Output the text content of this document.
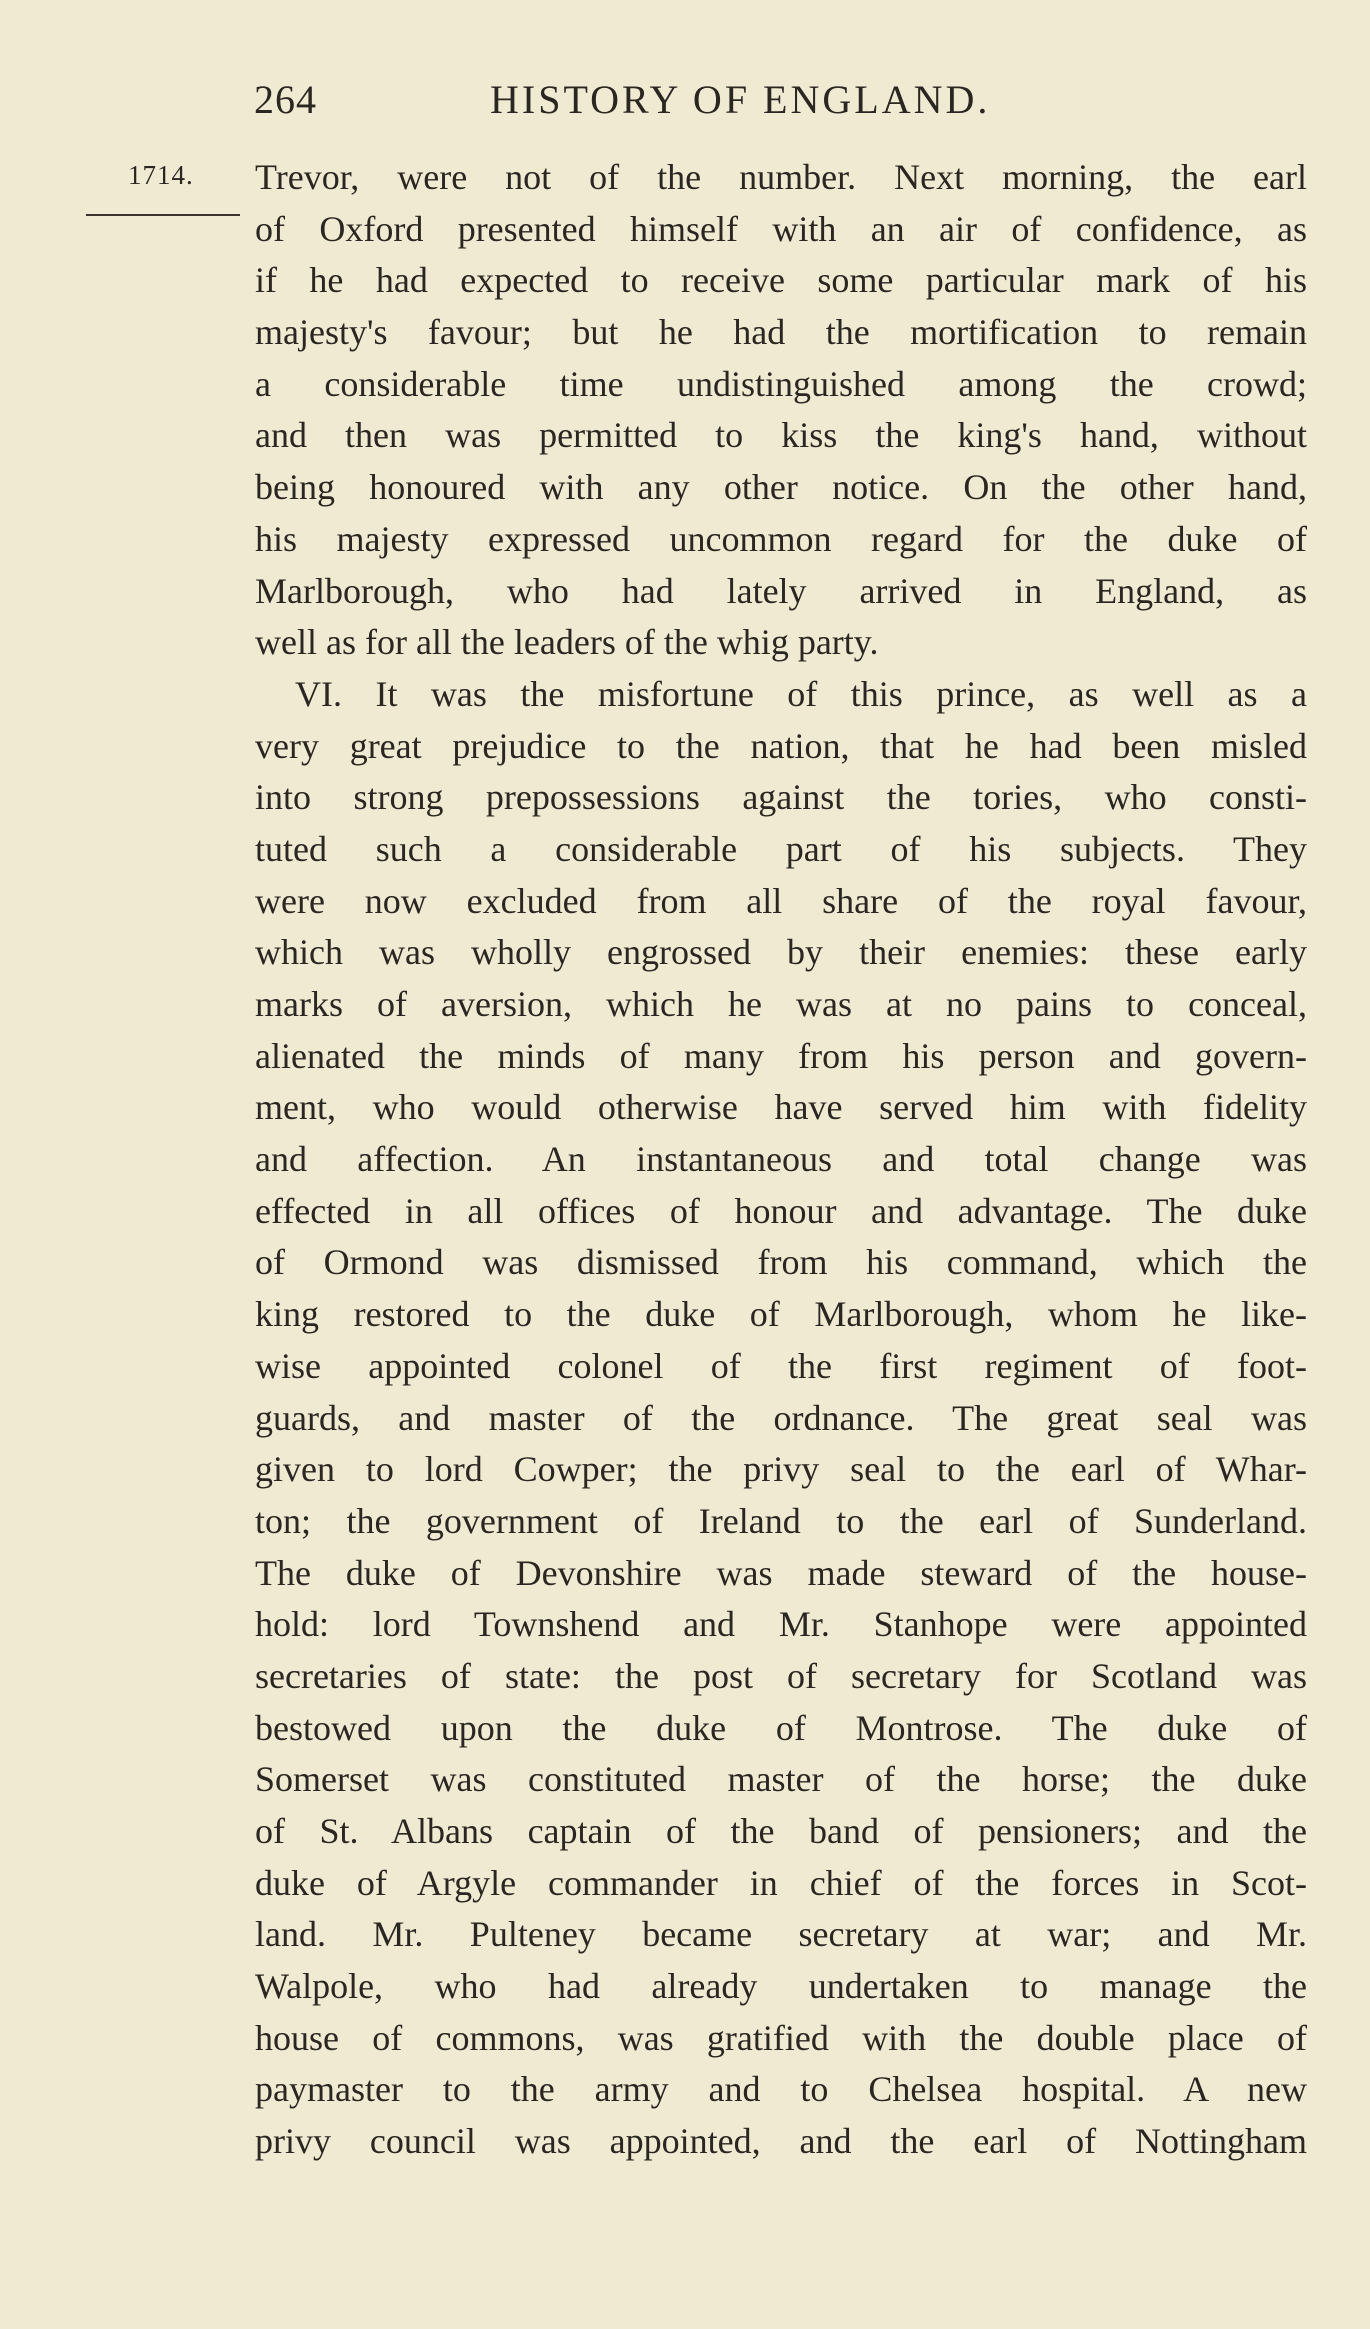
264	HISTORY OF ENGLAND.
1714. Trevor, were not of the number. Next morning, the earl
of Oxford presented himself with an air of confidence, as
if he had expected to receive some particular mark of his
majesty's favour; but he had the mortification to remain
a considerable time undistinguished among the crowd;
and then was permitted to kiss the king's hand, without
being honoured with any other notice. On the other hand,
his majesty expressed uncommon regard for the duke of
Marlborough, who had lately arrived in England, as
well as for all the leaders of the whig party.
VI. It was the misfortune of this prince, as well as a
very great prejudice to the nation, that he had been misled
into strong prepossessions against the tories, who consti-
tuted such a considerable part of his subjects. They
were now excluded from all share of the royal favour,
which was wholly engrossed by their enemies: these early
marks of aversion, which he was at no pains to conceal,
alienated the minds of many from his person and govern-
ment, who would otherwise have served him with fidelity
and affection. An instantaneous and total change was
effected in all offices of honour and advantage. The duke
of Ormond was dismissed from his command, which the
king restored to the duke of Marlborough, whom he like-
wise appointed colonel of the first regiment of foot-
guards, and master of the ordnance. The great seal was
given to lord Cowper; the privy seal to the earl of Whar-
ton; the government of Ireland to the earl of Sunderland.
The duke of Devonshire was made steward of the house-
hold: lord Townshend and Mr. Stanhope were appointed
secretaries of state: the post of secretary for Scotland was
bestowed upon the duke of Montrose. The duke of
Somerset was constituted master of the horse; the duke
of St. Albans captain of the band of pensioners; and the
duke of Argyle commander in chief of the forces in Scot-
land. Mr. Pulteney became secretary at war; and Mr.
Walpole, who had already undertaken to manage the
house of commons, was gratified with the double place of
paymaster to the army and to Chelsea hospital. A new
privy council was appointed, and the earl of Nottingham
